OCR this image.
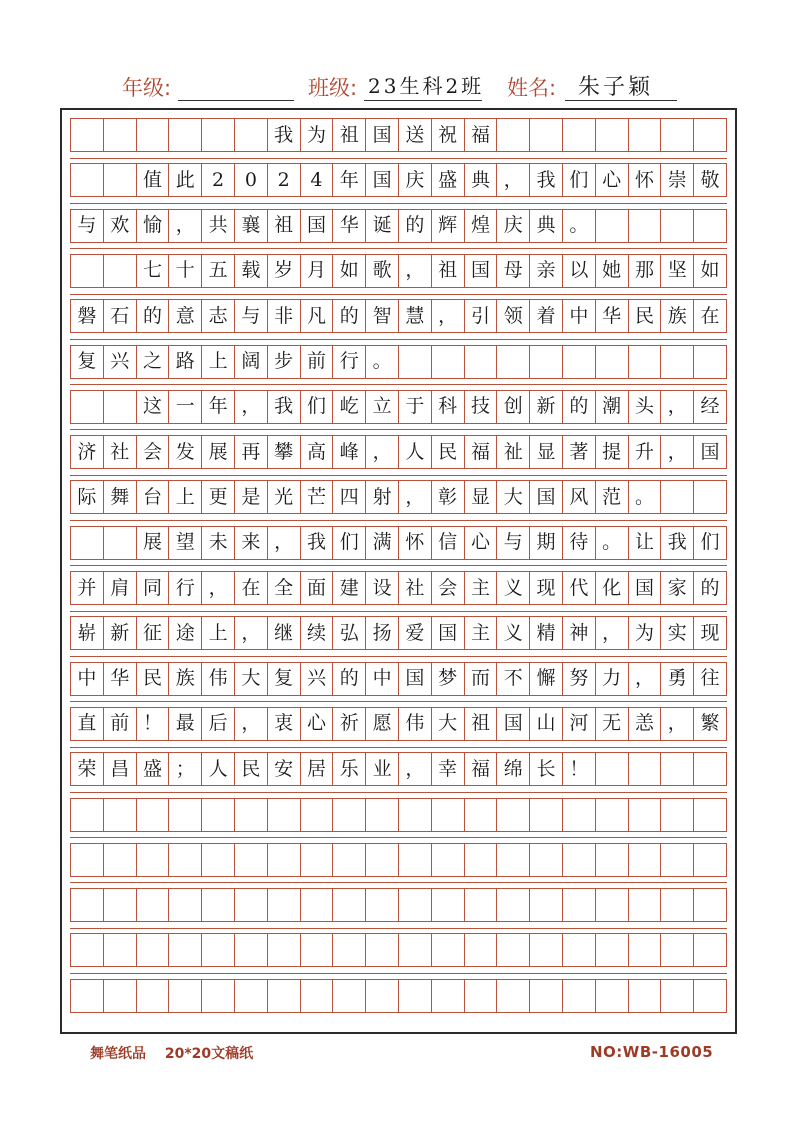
年级:	班级: 23生科2班 姓名: 朱子颖
我 为 祖 国 送 祝 福
值 此 2	0	2	4 年 国 庆 盛 典 ， 我 们 心 怀 崇 敬
与 欢 愉 ， 共 襄 祖 国 华 诞 的 辉 煌 庆 典 。
七 十 五 载 岁 月 如 歌 ， 祖 国 母 亲 以 她 那 坚 如
磐 石 的 意 志 与 非 凡 的 智 慧 ， 引 领 着 中 华 民 族 在
复 兴 之 路 上 阔 步 前 行 。
这 一 年 ， 我 们 屹 立 于 科 技 创 新 的 潮 头 ， 经
济 社 会 发 展 再 攀 高 峰 ， 人 民 福 祉 显 著 提 升 ， 国
际 舞 台 上 更 是 光 芒 四 射 ， 彰 显 大 国 风 范 。
展 望 未 来 ， 我 们 满 怀 信 心 与 期 待 。 让 我 们
并 肩 同 行 ， 在 全 面 建 设 社 会 主 义 现 代 化 国 家 的
崭 新 征 途 上 ， 继 续 弘 扬 爱 国 主 义 精 神 ， 为 实 现
中 华 民 族 伟 大 复 兴 的 中 国 梦 而 不 懈 努 力 ， 勇 往
直 前 ！ 最 后 ， 衷 心 祈 愿 伟 大 祖 国 山 河 无 恙 ， 繁
荣 昌 盛 ； 人 民 安 居 乐 业 ， 幸 福 绵 长 ！
舞笔纸品 20*20文稿纸	NO:WB-16005
